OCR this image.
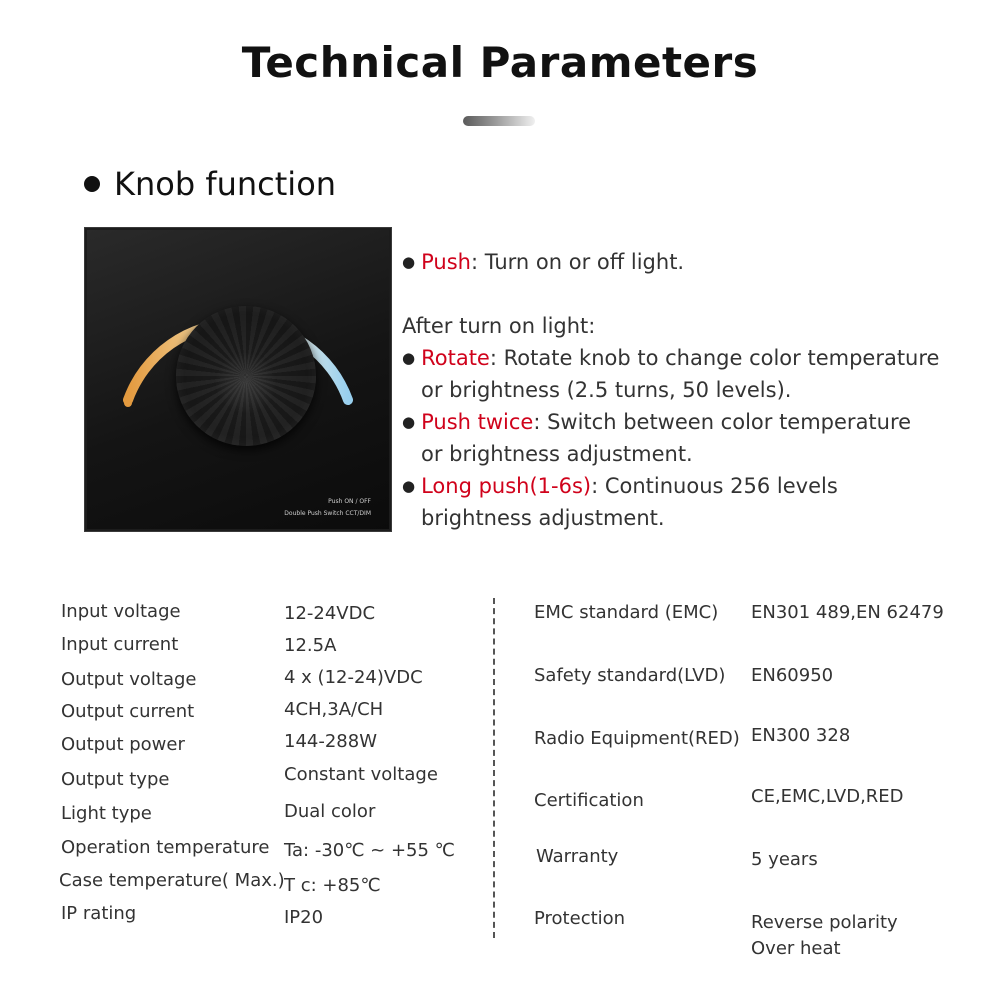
Technical Parameters
Knob function
Push ON / OFF
Double Push Switch CCT/DIM
● Push: Turn on or off light.
After turn on light:
● Rotate: Rotate knob to change color temperature
or brightness (2.5 turns, 50 levels).
● Push twice: Switch between color temperature
or brightness adjustment.
● Long push(1-6s): Continuous 256 levels
brightness adjustment.
Input voltage	12-24VDC
Input current	12.5A
Output voltage	4 x (12-24)VDC
Output current	4CH,3A/CH
Output power	144-288W
Output type	Constant voltage
Light type	Dual color
Operation temperature Ta: -30℃ ~ +55 ℃
Case temperature( Max.) T c: +85℃
IP rating	IP20
EMC standard (EMC) EN301 489,EN 62479
Safety standard(LVD) EN60950
Radio Equipment(RED) EN300 328
Certification	CE,EMC,LVD,RED
Warranty	5 years
Protection	Reverse polarity
Over heat
